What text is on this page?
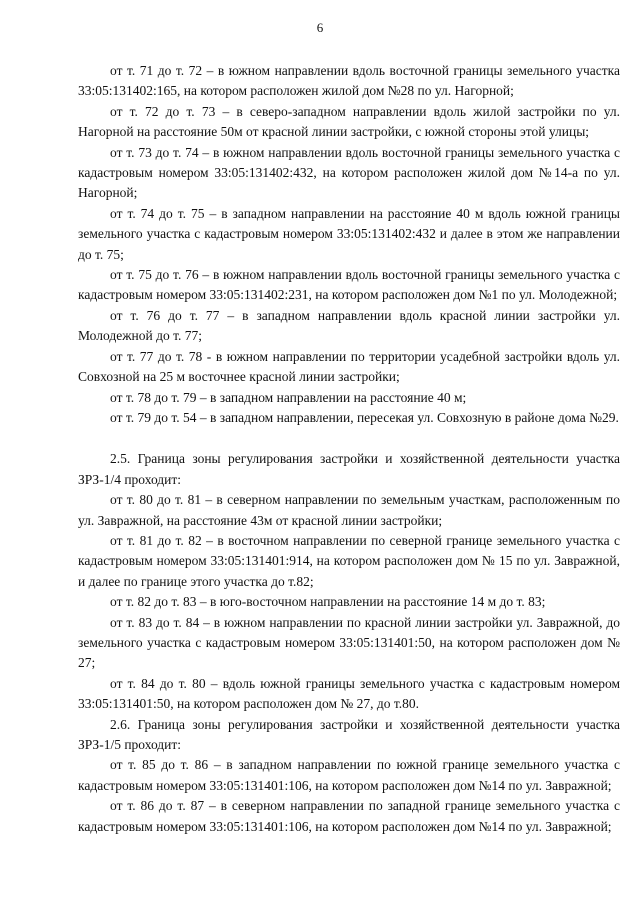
6

от т. 71 до т. 72 – в южном направлении вдоль восточной границы земельного участка 33:05:131402:165, на котором расположен жилой дом №28 по ул. Нагорной;

от т. 72 до т. 73 – в северо-западном направлении вдоль жилой застройки по ул. Нагорной на расстояние 50м от красной линии застройки, с южной стороны этой улицы;

от т. 73 до т. 74 – в южном направлении вдоль восточной границы земельного участка с кадастровым номером 33:05:131402:432, на котором расположен жилой дом №14-а по ул. Нагорной;

от т. 74 до т. 75 – в западном направлении на расстояние 40 м вдоль южной границы земельного участка с кадастровым номером 33:05:131402:432 и далее в этом же направлении до т. 75;

от т. 75 до т. 76 – в южном направлении вдоль восточной границы земельного участка с кадастровым номером 33:05:131402:231, на котором расположен дом №1 по ул. Молодежной;

от т. 76 до т. 77 – в западном направлении вдоль красной линии застройки ул. Молодежной до т. 77;

от т. 77 до т. 78 - в южном направлении по территории усадебной застройки вдоль ул. Совхозной на 25 м восточнее красной линии застройки;

от т. 78 до т. 79 – в западном направлении на расстояние 40 м;

от т. 79 до т. 54 – в западном направлении, пересекая ул. Совхозную в районе дома №29.

2.5. Граница зоны регулирования застройки и хозяйственной деятельности участка ЗРЗ-1/4 проходит:

от т. 80 до т. 81 – в северном направлении по земельным участкам, расположенным по ул. Завражной, на расстояние 43м от красной линии застройки;

от т. 81 до т. 82 – в восточном направлении по северной границе земельного участка с кадастровым номером 33:05:131401:914, на котором расположен дом № 15 по ул. Завражной, и далее по границе этого участка до т.82;

от т. 82 до т. 83 – в юго-восточном направлении на расстояние 14 м до т. 83;

от т. 83 до т. 84 – в южном направлении по красной линии застройки ул. Завражной, до земельного участка с кадастровым номером 33:05:131401:50, на котором расположен дом № 27;

от т. 84 до т. 80 – вдоль южной границы земельного участка с кадастровым номером 33:05:131401:50, на котором расположен дом № 27, до т.80.

2.6. Граница зоны регулирования застройки и хозяйственной деятельности участка ЗРЗ-1/5 проходит:

от т. 85 до т. 86 – в западном направлении по южной границе земельного участка с кадастровым номером 33:05:131401:106, на котором расположен дом №14 по ул. Завражной;

от т. 86 до т. 87 – в северном направлении по западной границе земельного участка с кадастровым номером 33:05:131401:106, на котором расположен дом №14 по ул. Завражной;
